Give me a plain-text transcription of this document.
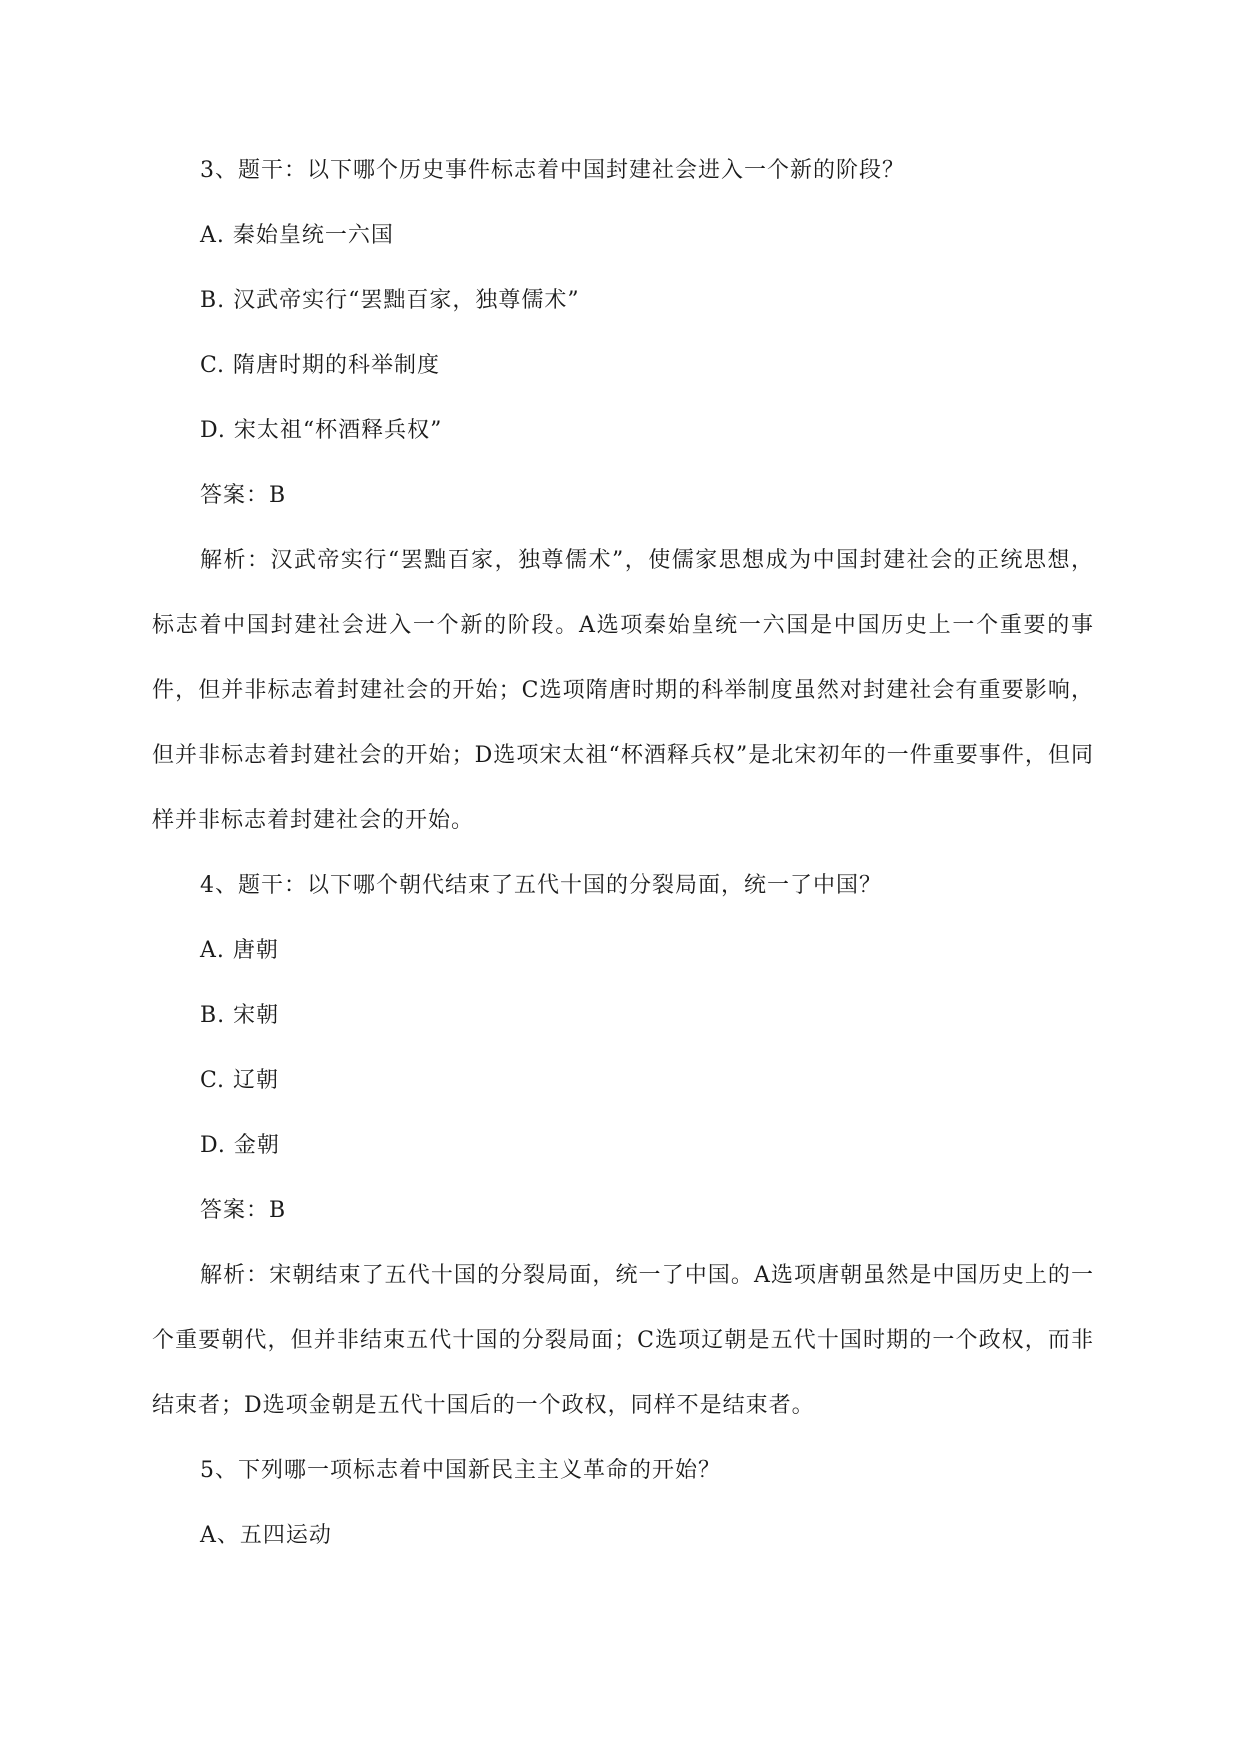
3、题干：以下哪个历史事件标志着中国封建社会进入一个新的阶段？

A. 秦始皇统一六国

B. 汉武帝实行“罢黜百家，独尊儒术”

C. 隋唐时期的科举制度

D. 宋太祖“杯酒释兵权”

答案：B

解析：汉武帝实行“罢黜百家，独尊儒术”，使儒家思想成为中国封建社会的正统思想，标志着中国封建社会进入一个新的阶段。A选项秦始皇统一六国是中国历史上一个重要的事件，但并非标志着封建社会的开始；C选项隋唐时期的科举制度虽然对封建社会有重要影响，但并非标志着封建社会的开始；D选项宋太祖“杯酒释兵权”是北宋初年的一件重要事件，但同样并非标志着封建社会的开始。

4、题干：以下哪个朝代结束了五代十国的分裂局面，统一了中国？

A. 唐朝

B. 宋朝

C. 辽朝

D. 金朝

答案：B

解析：宋朝结束了五代十国的分裂局面，统一了中国。A选项唐朝虽然是中国历史上的一个重要朝代，但并非结束五代十国的分裂局面；C选项辽朝是五代十国时期的一个政权，而非结束者；D选项金朝是五代十国后的一个政权，同样不是结束者。

5、下列哪一项标志着中国新民主主义革命的开始？

A、五四运动
